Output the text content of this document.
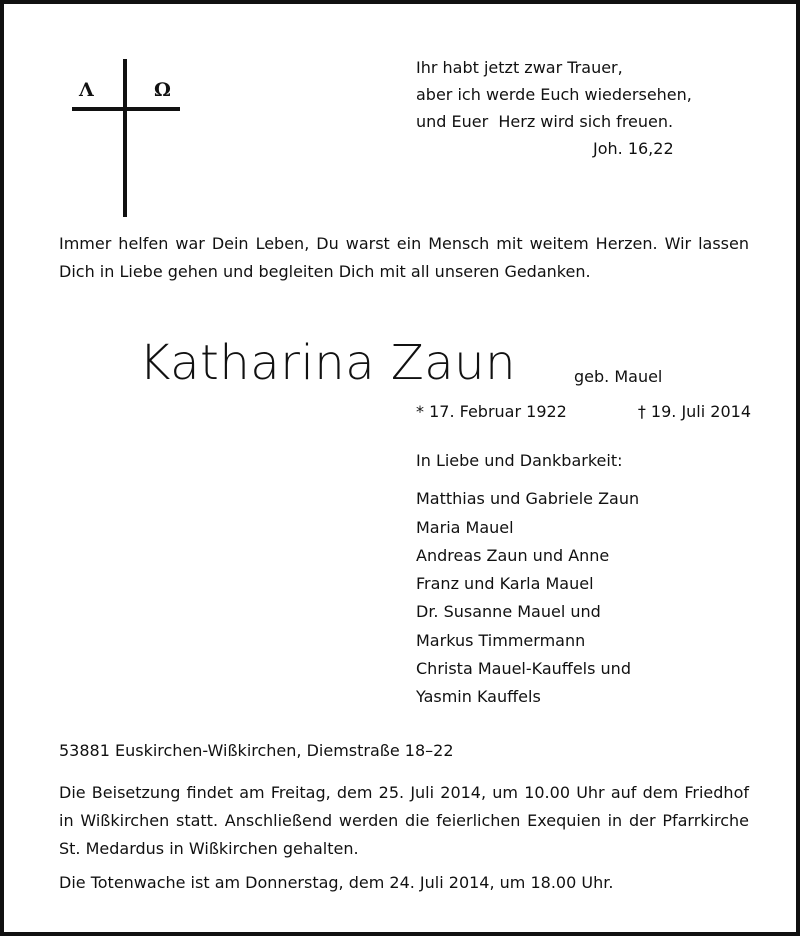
Λ	Ω
Ihr habt jetzt zwar Trauer,
aber ich werde Euch wiedersehen,
und Euer  Herz wird sich freuen.
Joh. 16,22

Immer helfen war Dein Leben, Du warst ein Mensch mit weitem Herzen. Wir lassen Dich in Liebe gehen und begleiten Dich mit all unseren Gedanken.

Katharina Zaun	geb. Mauel
* 17. Februar 1922	† 19. Juli 2014
In Liebe und Dankbarkeit:
Matthias und Gabriele Zaun
Maria Mauel
Andreas Zaun und Anne
Franz und Karla Mauel
Dr. Susanne Mauel und
Markus Timmermann
Christa Mauel-Kauffels und
Yasmin Kauffels
53881 Euskirchen-Wißkirchen, Diemstraße 18–22

Die Beisetzung findet am Freitag, dem 25. Juli 2014, um 10.00 Uhr auf dem Friedhof in Wißkirchen statt. Anschließend werden die feierlichen Exequien in der Pfarrkirche St. Medardus in Wißkirchen gehalten.

Die Totenwache ist am Donnerstag, dem 24. Juli 2014, um 18.00 Uhr.
